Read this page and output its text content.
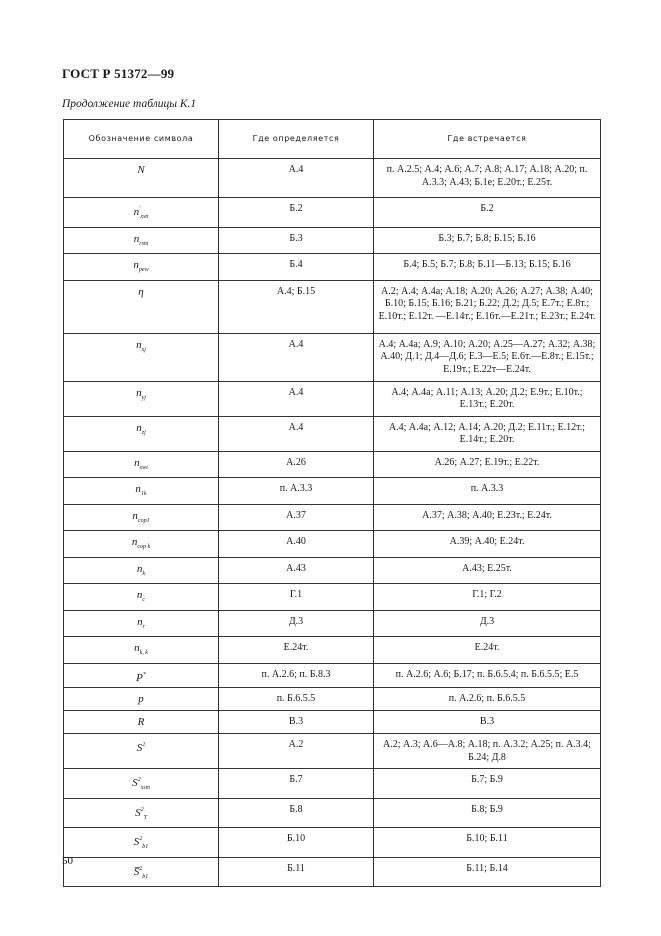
ГОСТ Р 51372—99
Продолжение таблицы К.1
Обозначение символа	Где определяется	Где встречается
N	А.4	п. А.2.5; А.4; А.6; А.7; А.8; А.17; А.18; А.20; п. А.3.3; А.43; Б.1е; Е.20т.; Е.25т.
$n'_{xsn}$	Б.2	Б.2
$n_{rsm}$	Б.3	Б.3; Б.7; Б.8; Б.15; Б.16
$n_{pew}$	Б.4	Б.4; Б.5; Б.7; Б.8; Б.11—Б.13; Б.15; Б.16
η	А.4; Б.15	А.2; А.4; А.4а; А.18; А.20; А.26; А.27; А.38; А.40; Б.10; Б.15; Б.16; Б.21; Б.22; Д.2; Д.5; Е.7т.; Е.8т.; Е.10т.; Е.12т. —Е.14т.; Е.16т.—Е.21т.; Е.23т.; Е.24т.
$n_{xj}$	А.4	А.4; А.4а; А.9; А.10; А.20; А.25—А.27; А.32; А.38; А.40; Д.1; Д.4—Д.6; Е.3—Е.5; Е.6т.—Е.8т.; Е.15т.; Е.19т.; Е.22т—Е.24т.
$n_{yj}$	А.4	А.4; А.4а; А.11; А.13; А.20; Д.2; Е.9т.; Е.10т.; Е.13т.; Е.20т.
$n_{zj}$	А.4	А.4; А.4а; А.12; А.14; А.20; Д.2; Е.11т.; Е.12т.; Е.14т.; Е.20т.
$n_{xwt}$	А.26	А.26; А.27; Е.19т.; Е.22т.
$n_{1k}$	п. А.3.3	п. А.3.3
$n_{cop1}$	А.37	А.37; А.38; А.40; Е.23т.; Е.24т.
$n_{cop k}$	А.40	А.39; А.40; Е.24т.
$n_k$	А.43	А.43; Е.25т.
$n_c$	Г.1	Г.1; Г.2
$n_r$	Д.3	Д.3
$n_{k, k}$	Е.24т.	Е.24т.
P*	п. А.2.6; п. Б.8.3	п. А.2.6; А.6; Б.17; п. Б.6.5.4; п. Б.6.5.5; Е.5
p	п. Б.6.5.5	п. А.2.6; п. Б.6.5.5
R	В.3	В.3
$S^2$	А.2	А.2; А.3; А.6—А.8; А.18; п. А.3.2; А.25; п. А.3.4; Б.24; Д.8
$S^2_{xsm}$	Б.7	Б.7; Б.9
$S^2_T$	Б.8	Б.8; Б.9
$S^2_{b1}$	Б.10	Б.10; Б.11
S̅$^2_{b1}$	Б.11	Б.11; Б.14
50
